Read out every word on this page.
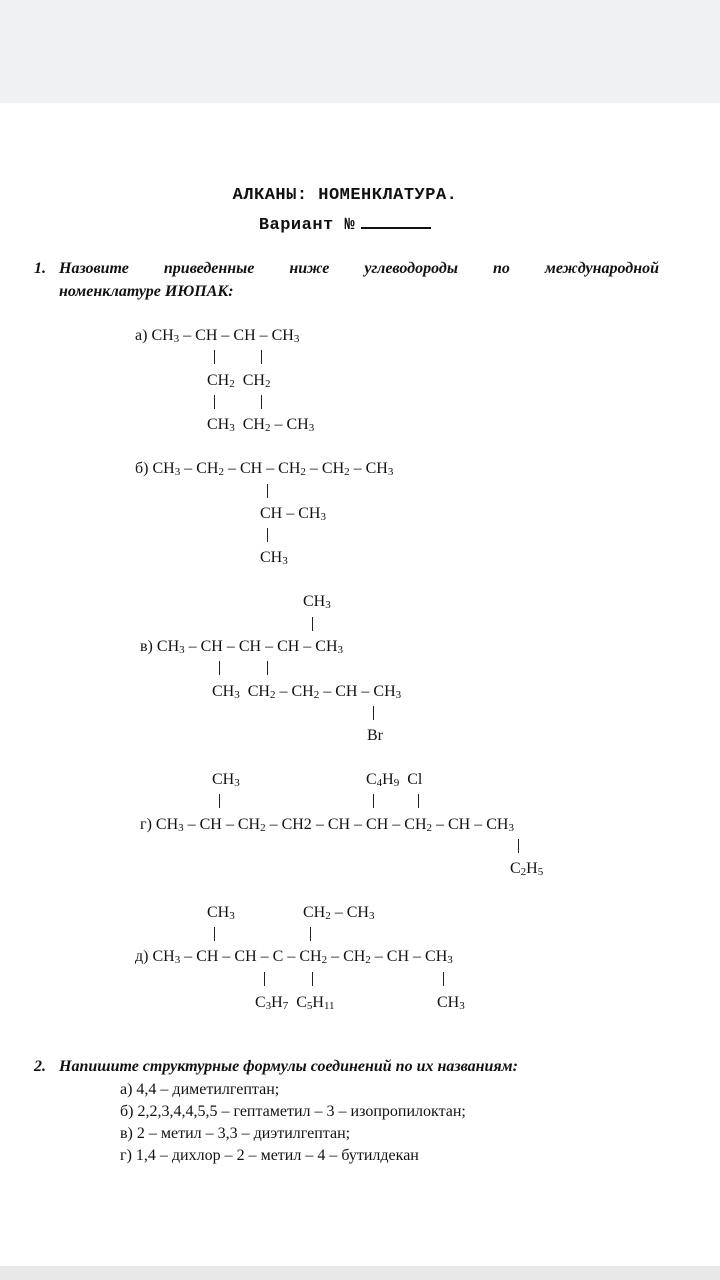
АЛКАНЫ: НОМЕНКЛАТУРА.
Вариант №
1. Назовите приведенные ниже углеводороды по международной
номенклатуре ИЮПАК:
а) $CH_3$ – CH – CH – $CH_3$
$CH_2$  $CH_2$
$CH_3$  $CH_2 - CH_3$
б) $CH_3 - CH_2$ – CH – $CH_2 - CH_2 - CH_3$
CH – $CH_3$
$CH_3$
$CH_3$
в) $CH_3$ – CH – CH – CH – $CH_3$
$CH_3$  $CH_2 - CH_2$ – CH – $CH_3$
Br
$CH_3$	$C_4H_9$ Cl
г) $CH_3$ – CH – $CH_2 - CH2$ – CH – CH – $CH_2$ – CH – $CH_3$
$C_2H_5$
$CH_3$	$CH_2 - CH_3$
д) $CH_3$ – CH – CH – C – $CH_2 - CH_2$ – CH – $CH_3$
$C_3H_7$  $C_5H_{11}$	$CH_3$
2. Напишите структурные формулы соединений по их названиям:
а) 4,4 – диметилгептан;
б) 2,2,3,4,4,5,5 – гептаметил – 3 – изопропилоктан;
в) 2 – метил – 3,3 – диэтилгептан;
г) 1,4 – дихлор – 2 – метил – 4 – бутилдекан
